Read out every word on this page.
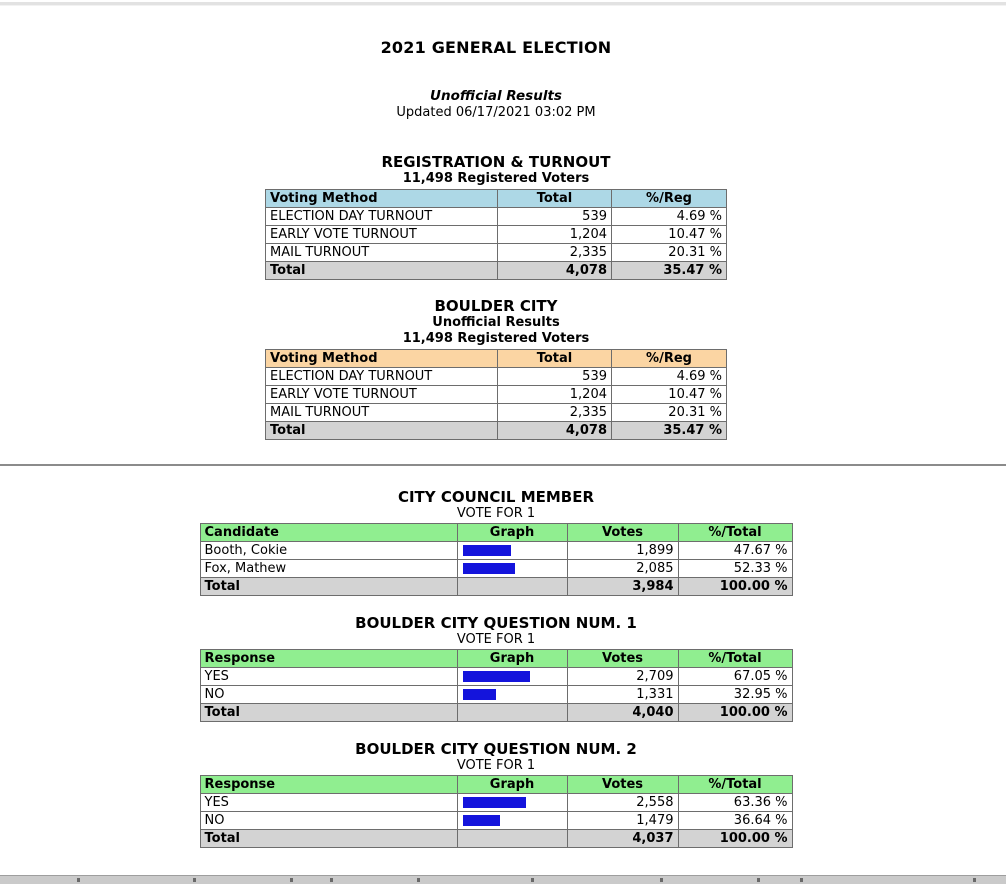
2021 GENERAL ELECTION
Unofficial Results
Updated 06/17/2021 03:02 PM
REGISTRATION & TURNOUT
11,498 Registered Voters
Voting Method	Total	%/Reg
ELECTION DAY TURNOUT	539	4.69 %
EARLY VOTE TURNOUT	1,204	10.47 %
MAIL TURNOUT	2,335	20.31 %
Total	4,078	35.47 %
BOULDER CITY
Unofficial Results
11,498 Registered Voters
Voting Method	Total	%/Reg
ELECTION DAY TURNOUT	539	4.69 %
EARLY VOTE TURNOUT	1,204	10.47 %
MAIL TURNOUT	2,335	20.31 %
Total	4,078	35.47 %
CITY COUNCIL MEMBER
VOTE FOR 1
Candidate	Graph	Votes	%/Total
Booth, Cokie		1,899	47.67 %
Fox, Mathew		2,085	52.33 %
Total		3,984	100.00 %
BOULDER CITY QUESTION NUM. 1
VOTE FOR 1
Response	Graph	Votes	%/Total
YES		2,709	67.05 %
NO		1,331	32.95 %
Total		4,040	100.00 %
BOULDER CITY QUESTION NUM. 2
VOTE FOR 1
Response	Graph	Votes	%/Total
YES		2,558	63.36 %
NO		1,479	36.64 %
Total		4,037	100.00 %
